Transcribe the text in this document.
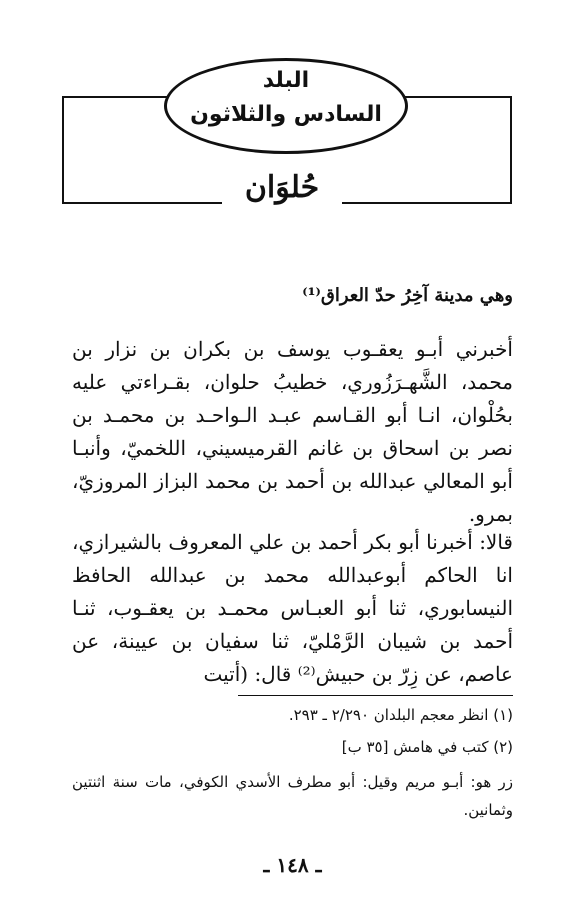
البلد
السادس والثلاثون
حُلوَان
وهي مدينة آخِرُ حدّ العراق⁽¹⁾
أخبرني أبـو يعقـوب يوسف بن بكران بن نزار بن محمد، الشَّهـرَزُوري، خطيبُ حلوان، بقـراءتي عليه بحُلْوان، انـا أبو القـاسم عبـد الـواحـد بن محمـد بن نصر بن اسحاق بن غانم القرميسيني، اللخميّ، وأنبـا أبو المعالي عبدالله بن أحمد بن محمد البزاز المروزيّ، بمرو.
قالا: أخبرنا أبو بكر أحمد بن علي المعروف بالشيرازي، انا الحاكم أبوعبدالله محمد بن عبدالله الحافظ النيسابوري، ثنا أبو العبـاس محمـد بن يعقـوب، ثنـا أحمد بن شيبان الرَّمْليّ، ثنا سفيان بن عيينة، عن عاصم، عن زِرّ بن حبيش⁽²⁾ قال: (أتيت
(١) انظر معجم البلدان ٢/٢٩٠ ـ ٢٩٣.
(٢) كتب في هامش [٣٥ ب]
زر هو: أبـو مريم وقيل: أبو مطرف الأسدي الكوفي، مات سنة اثنتين وثمانين.
ـ ١٤٨ ـ
